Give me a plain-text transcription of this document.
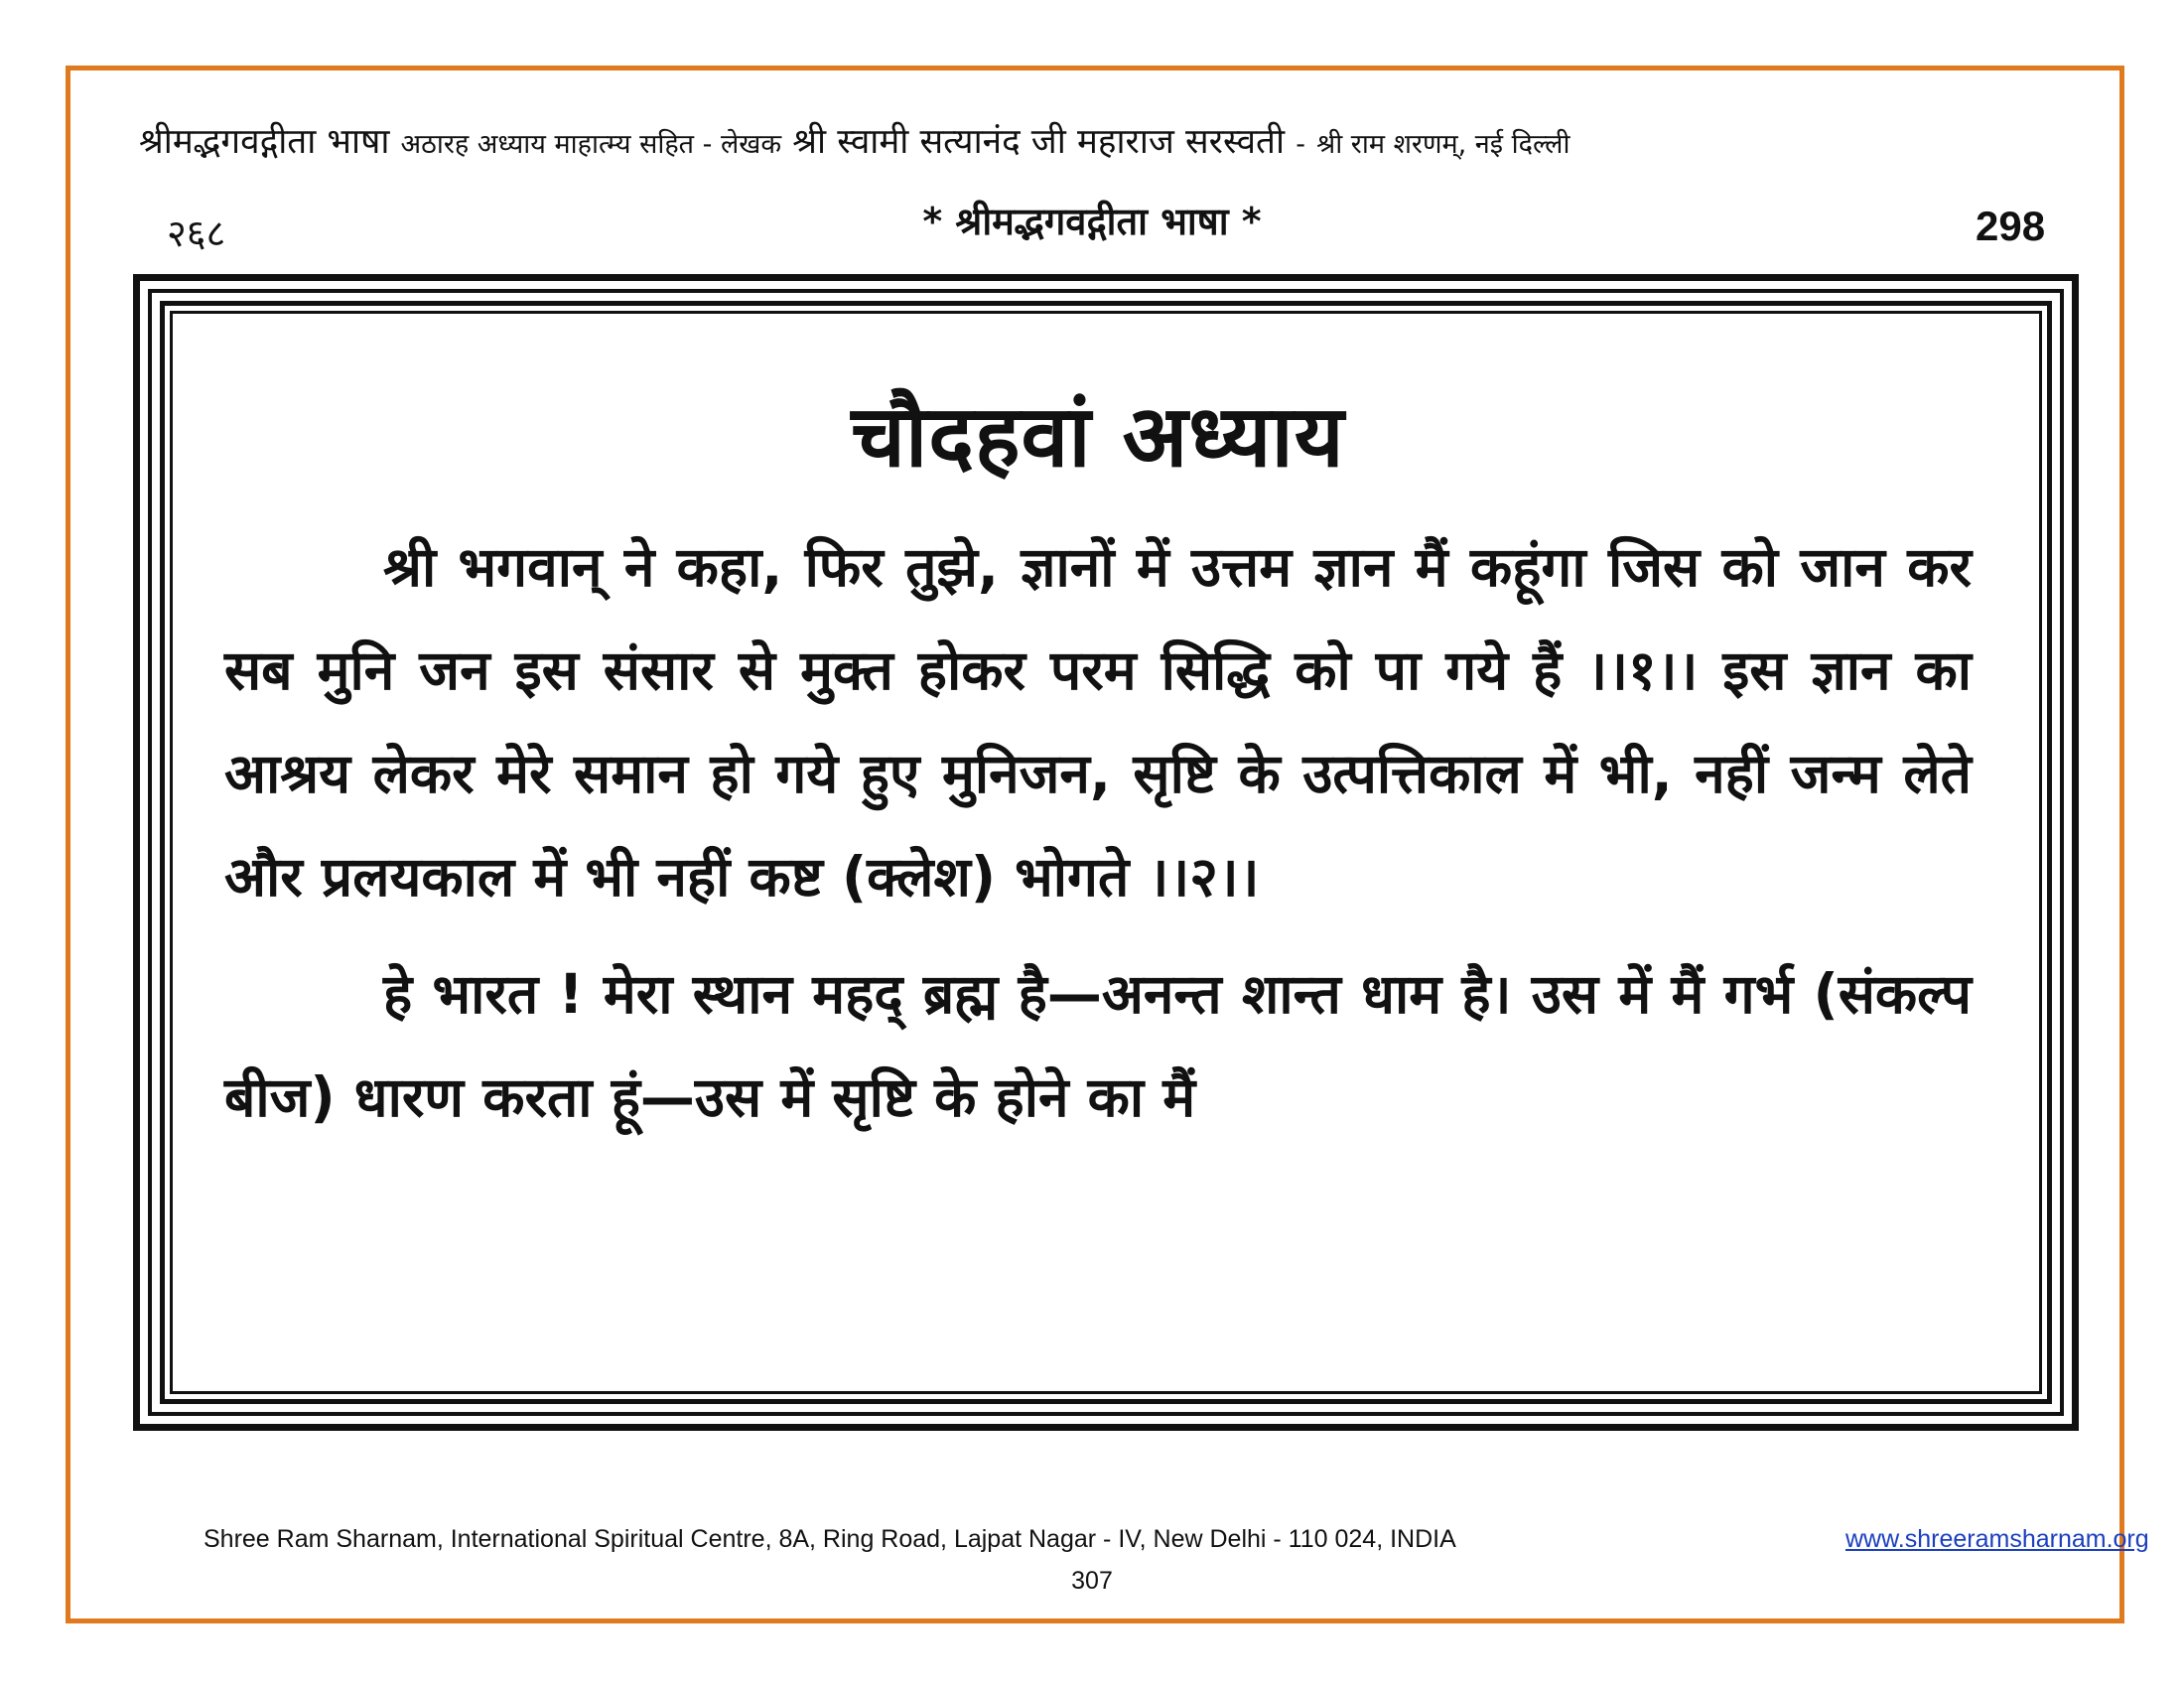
श्रीमद्भगवद्गीता भाषा अठारह अध्याय माहात्म्य सहित - लेखक श्री स्वामी सत्यानंद जी महाराज सरस्वती - श्री राम शरणम्, नई दिल्ली
२६८	* श्रीमद्भगवद्गीता भाषा *	298
चौदहवां अध्याय

श्री भगवान् ने कहा, फिर तुझे, ज्ञानों में उत्तम ज्ञान मैं कहूंगा जिस को जान कर सब मुनि जन इस संसार से मुक्त होकर परम सिद्धि को पा गये हैं ।।१।। इस ज्ञान का आश्रय लेकर मेरे समान हो गये हुए मुनिजन, सृष्टि के उत्पत्तिकाल में भी, नहीं जन्म लेते और प्रलयकाल में भी नहीं कष्ट (क्लेश) भोगते ।।२।।

हे भारत ! मेरा स्थान महद् ब्रह्म है—अनन्त शान्त धाम है। उस में मैं गर्भ (संकल्प बीज) धारण करता हूं—उस में सृष्टि के होने का मैं

Shree Ram Sharnam, International Spiritual Centre, 8A, Ring Road, Lajpat Nagar - IV, New Delhi - 110 024, INDIA	www.shreeramsharnam.org
307
